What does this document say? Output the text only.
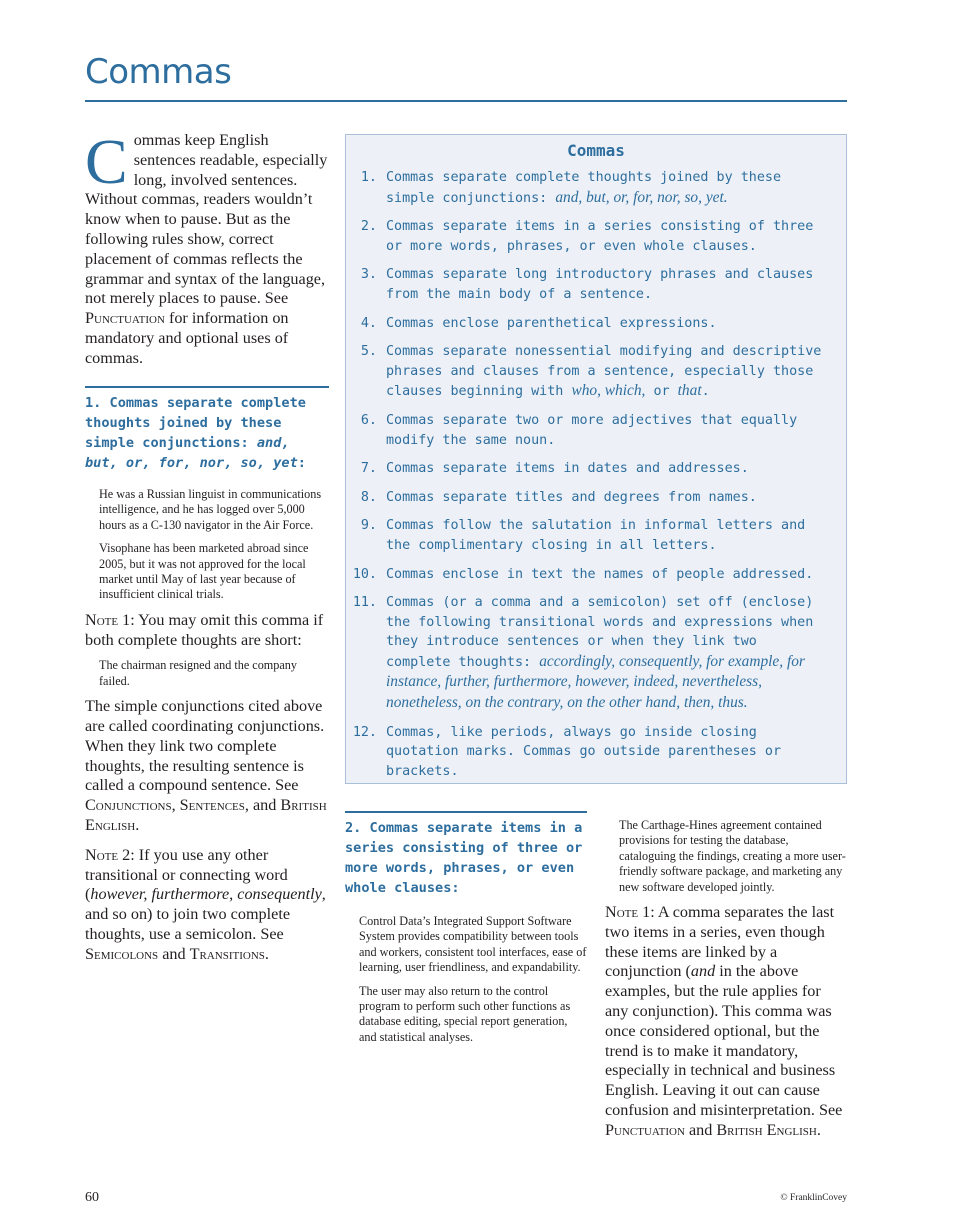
Commas

Commas keep English sentences readable, especially long, involved sentences. Without commas, readers wouldn’t know when to pause. But as the following rules show, correct placement of commas reflects the grammar and syntax of the language, not merely places to pause. See Punctuation for information on mandatory and optional uses of commas.

1. Commas separate complete thoughts joined by these simple conjunctions: and, but, or, for, nor, so, yet:

He was a Russian linguist in communications intelligence, and he has logged over 5,000 hours as a C-130 navigator in the Air Force.

Visophane has been marketed abroad since 2005, but it was not approved for the local market until May of last year because of insufficient clinical trials.

Note 1: You may omit this comma if both complete thoughts are short:

The chairman resigned and the company failed.

The simple conjunctions cited above are called coordinating conjunctions. When they link two complete thoughts, the resulting sentence is called a compound sentence. See Conjunctions, Sentences, and British English.

Note 2: If you use any other transitional or connecting word (however, furthermore, consequently, and so on) to join two complete thoughts, use a semicolon. See Semicolons and Transitions.

Commas
1. Commas separate complete thoughts joined by these simple conjunctions: and, but, or, for, nor, so, yet.
2. Commas separate items in a series consisting of three or more words, phrases, or even whole clauses.
3. Commas separate long introductory phrases and clauses from the main body of a sentence.
4. Commas enclose parenthetical expressions.
5. Commas separate nonessential modifying and descriptive phrases and clauses from a sentence, especially those clauses beginning with who, which, or that.
6. Commas separate two or more adjectives that equally modify the same noun.
7. Commas separate items in dates and addresses.
8. Commas separate titles and degrees from names.
9. Commas follow the salutation in informal letters and the complimentary closing in all letters.
10. Commas enclose in text the names of people addressed.
11. Commas (or a comma and a semicolon) set off (enclose) the following transitional words and expressions when they introduce sentences or when they link two complete thoughts: accordingly, consequently, for example, for instance, further, furthermore, however, indeed, nevertheless, nonetheless, on the contrary, on the other hand, then, thus.
12. Commas, like periods, always go inside closing quotation marks. Commas go outside parentheses or brackets.

2. Commas separate items in a series consisting of three or more words, phrases, or even whole clauses:

Control Data’s Integrated Support Software System provides compatibility between tools and workers, consistent tool interfaces, ease of learning, user friendliness, and expandability.

The user may also return to the control program to perform such other functions as database editing, special report generation, and statistical analyses.

The Carthage-Hines agreement contained provisions for testing the database, cataloguing the findings, creating a more user-friendly software package, and marketing any new software developed jointly.

Note 1: A comma separates the last two items in a series, even though these items are linked by a conjunction (and in the above examples, but the rule applies for any conjunction). This comma was once considered optional, but the trend is to make it mandatory, especially in technical and business English. Leaving it out can cause confusion and misinterpretation. See Punctuation and British English.

60	© FranklinCovey
